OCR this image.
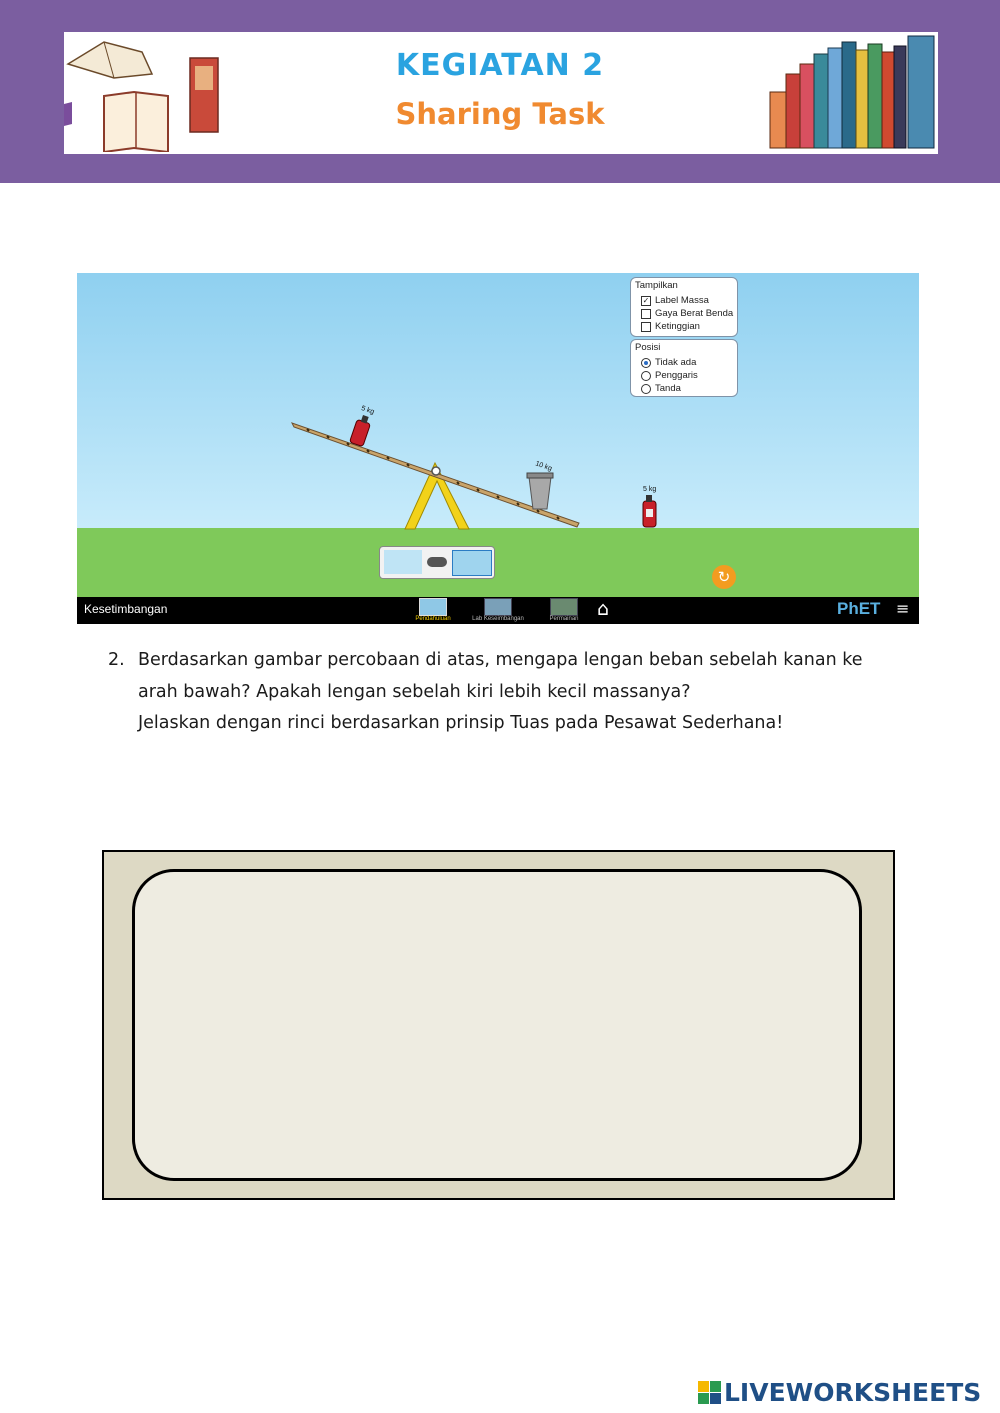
KEGIATAN 2
Sharing Task
5 kg
10 kg
5 kg
Tampilkan
✓ Label Massa
Gaya Berat Benda
Ketinggian
Posisi
Tidak ada
Penggaris
Tanda
↻
Kesetimbangan
Pendahuluan	Lab Keseimbangan	Permainan ⌂	PhET ≡
2. Berdasarkan gambar percobaan di atas, mengapa lengan beban sebelah kanan ke
arah bawah? Apakah lengan sebelah kiri lebih kecil massanya?
Jelaskan dengan rinci berdasarkan prinsip Tuas pada Pesawat Sederhana!
LIVEWORKSHEETS
